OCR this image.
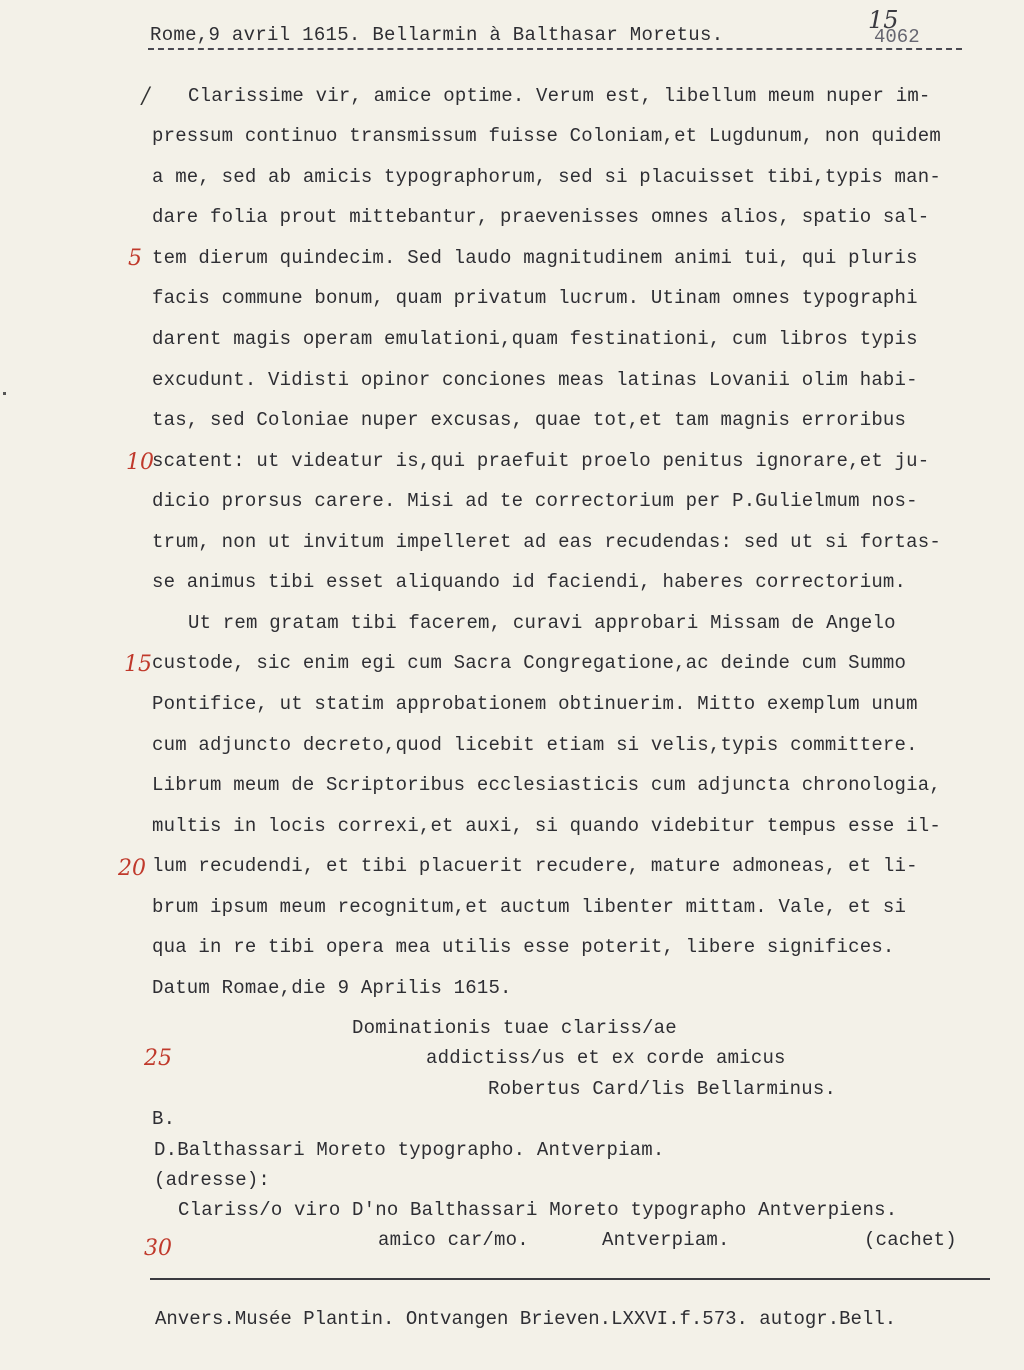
Rome,9 avril 1615. Bellarmin à Balthasar Moretus.
15
4062
/
5
10
15
20
25
30
Clarissime vir, amice optime. Verum est, libellum meum nuper im-
pressum continuo transmissum fuisse Coloniam,et Lugdunum, non quidem
a me, sed ab amicis typographorum, sed si placuisset tibi,typis man-
dare folia prout mittebantur, praevenisses omnes alios, spatio sal-
tem dierum quindecim. Sed laudo magnitudinem animi tui, qui pluris
facis commune bonum, quam privatum lucrum. Utinam omnes typographi
darent magis operam emulationi,quam festinationi, cum libros typis
excudunt. Vidisti opinor conciones meas latinas Lovanii olim habi-
tas, sed Coloniae nuper excusas, quae tot,et tam magnis erroribus
scatent: ut videatur is,qui praefuit proelo penitus ignorare,et ju-
dicio prorsus carere. Misi ad te correctorium per P.Gulielmum nos-
trum, non ut invitum impelleret ad eas recudendas: sed ut si fortas-
se animus tibi esset aliquando id faciendi, haberes correctorium.
Ut rem gratam tibi facerem, curavi approbari Missam de Angelo
custode, sic enim egi cum Sacra Congregatione,ac deinde cum Summo
Pontifice, ut statim approbationem obtinuerim. Mitto exemplum unum
cum adjuncto decreto,quod licebit etiam si velis,typis committere.
Librum meum de Scriptoribus ecclesiasticis cum adjuncta chronologia,
multis in locis correxi,et auxi, si quando videbitur tempus esse il-
lum recudendi, et tibi placuerit recudere, mature admoneas, et li-
brum ipsum meum recognitum,et auctum libenter mittam. Vale, et si
qua in re tibi opera mea utilis esse poterit, libere significes.
Datum Romae,die 9 Aprilis 1615.
Dominationis tuae clariss/ae
addictiss/us et ex corde amicus
Robertus Card/lis Bellarminus.
B.
D.Balthassari Moreto typographo. Antverpiam.
(adresse):
Clariss/o viro D'no Balthassari Moreto typographo Antverpiens.
amico car/mo.	Antverpiam.	(cachet)
Anvers.Musée Plantin. Ontvangen Brieven.LXXVI.f.573. autogr.Bell.
